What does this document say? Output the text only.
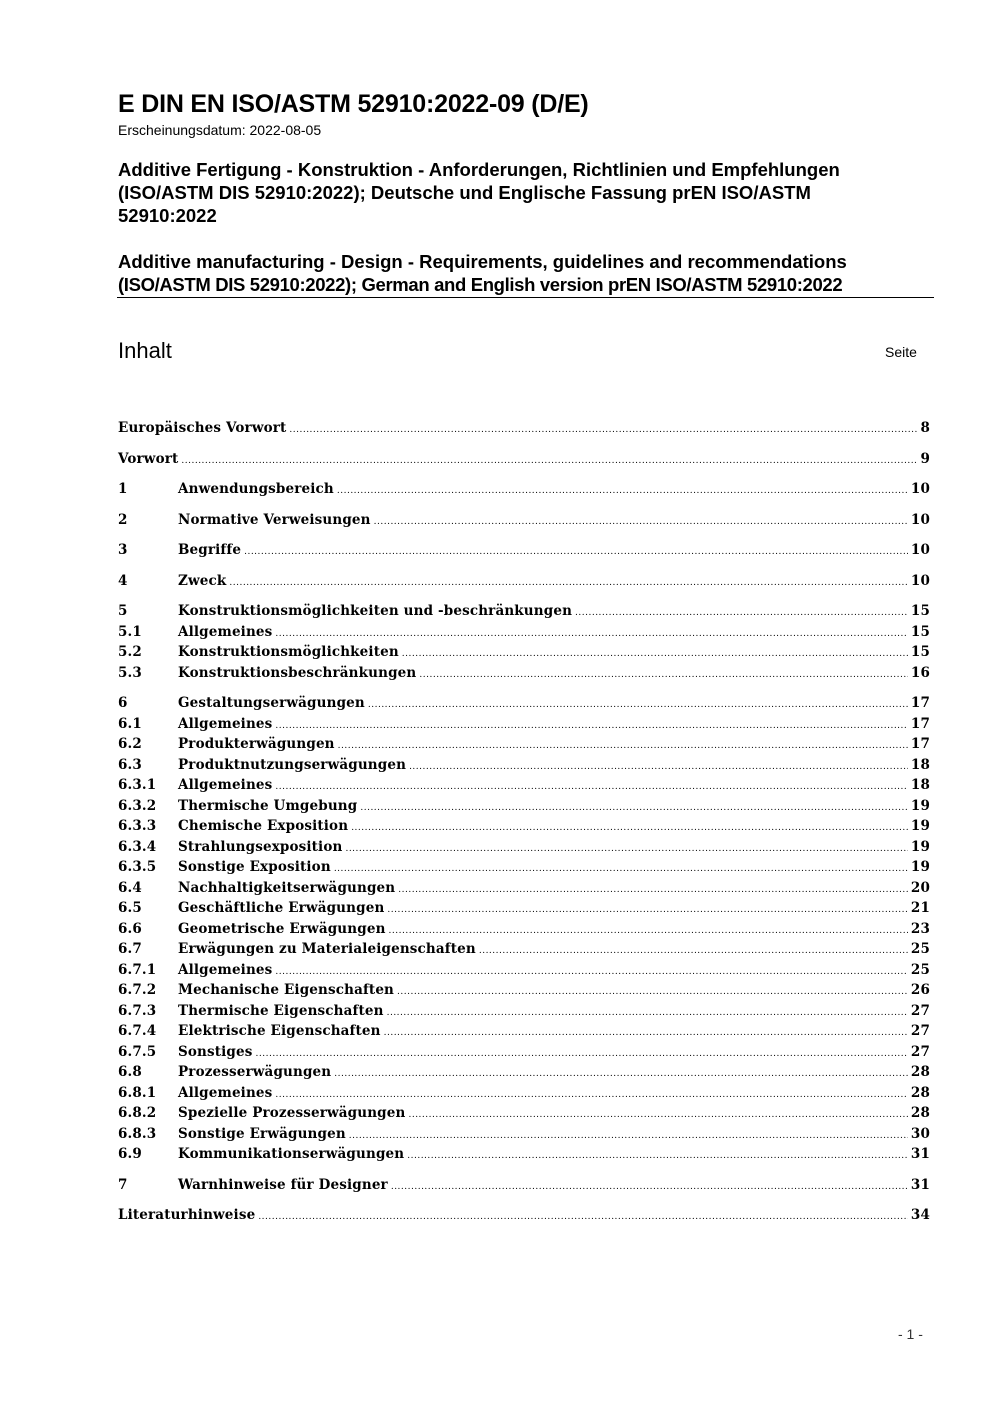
E DIN EN ISO/ASTM 52910:2022-09 (D/E)
Erscheinungsdatum: 2022-08-05
Additive Fertigung - Konstruktion - Anforderungen, Richtlinien und Empfehlungen
(ISO/ASTM DIS 52910:2022); Deutsche und Englische Fassung prEN ISO/ASTM
52910:2022
Additive manufacturing - Design - Requirements, guidelines and recommendations
(ISO/ASTM DIS 52910:2022); German and English version prEN ISO/ASTM 52910:2022
Inhalt	Seite
Europäisches Vorwort .....	8
Vorwort .....	9
1	Anwendungsbereich .....	10
2	Normative Verweisungen .....	10
3	Begriffe .....	10
4	Zweck .....	10
5	Konstruktionsmöglichkeiten und -beschränkungen .....	15
5.1	Allgemeines .....	15
5.2	Konstruktionsmöglichkeiten .....	15
5.3	Konstruktionsbeschränkungen .....	16
6	Gestaltungserwägungen .....	17
6.1	Allgemeines .....	17
6.2	Produkterwägungen .....	17
6.3	Produktnutzungserwägungen .....	18
6.3.1	Allgemeines .....	18
6.3.2	Thermische Umgebung .....	19
6.3.3	Chemische Exposition .....	19
6.3.4	Strahlungsexposition .....	19
6.3.5	Sonstige Exposition .....	19
6.4	Nachhaltigkeitserwägungen .....	20
6.5	Geschäftliche Erwägungen .....	21
6.6	Geometrische Erwägungen .....	23
6.7	Erwägungen zu Materialeigenschaften .....	25
6.7.1	Allgemeines .....	25
6.7.2	Mechanische Eigenschaften .....	26
6.7.3	Thermische Eigenschaften .....	27
6.7.4	Elektrische Eigenschaften .....	27
6.7.5	Sonstiges .....	27
6.8	Prozesserwägungen .....	28
6.8.1	Allgemeines .....	28
6.8.2	Spezielle Prozesserwägungen .....	28
6.8.3	Sonstige Erwägungen .....	30
6.9	Kommunikationserwägungen .....	31
7	Warnhinweise für Designer .....	31
Literaturhinweise .....	34
- 1 -
